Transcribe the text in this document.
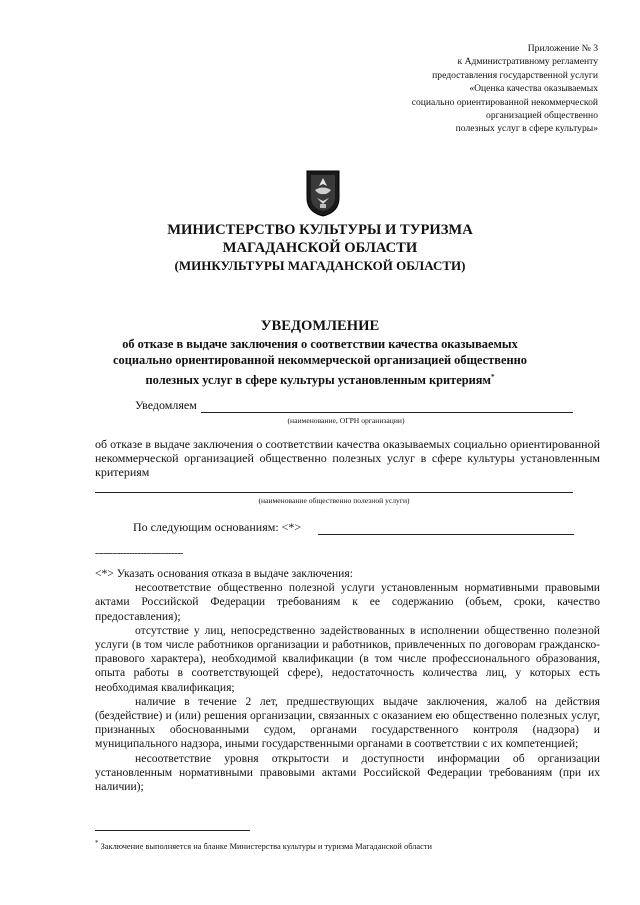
Приложение № 3
к Административному регламенту
предоставления государственной услуги
«Оценка качества оказываемых
социально ориентированной некоммерческой
организацией общественно
полезных услуг в сфере культуры»
МИНИСТЕРСТВО КУЛЬТУРЫ И ТУРИЗМА
МАГАДАНСКОЙ ОБЛАСТИ
(МИНКУЛЬТУРЫ МАГАДАНСКОЙ ОБЛАСТИ)
УВЕДОМЛЕНИЕ
об отказе в выдаче заключения о соответствии качества оказываемых
социально ориентированной некоммерческой организацией общественно
полезных услуг в сфере культуры установленным критериям*
Уведомляем
(наименование, ОГРН организации)
об отказе в выдаче заключения о соответствии качества оказываемых социально ориентированной некоммерческой организацией общественно полезных услуг в сфере культуры установленным критериям
(наименование общественно полезной услуги)
По следующим основаниям: <*>
-------------------------------

<*> Указать основания отказа в выдаче заключения:

несоответствие общественно полезной услуги установленным нормативными правовыми актами Российской Федерации требованиям к ее содержанию (объем, сроки, качество предоставления);

отсутствие у лиц, непосредственно задействованных в исполнении общественно полезной услуги (в том числе работников организации и работников, привлеченных по договорам гражданско-правового характера), необходимой квалификации (в том числе профессионального образования, опыта работы в соответствующей сфере), недостаточность количества лиц, у которых есть необходимая квалификация;

наличие в течение 2 лет, предшествующих выдаче заключения, жалоб на действия (бездействие) и (или) решения организации, связанных с оказанием ею общественно полезных услуг, признанных обоснованными судом, органами государственного контроля (надзора) и муниципального надзора, иными государственными органами в соответствии с их компетенцией;

несоответствие уровня открытости и доступности информации об организации установленным нормативными правовыми актами Российской Федерации требованиям (при их наличии);

* Заключение выполняется на бланке Министерства культуры и туризма Магаданской области
